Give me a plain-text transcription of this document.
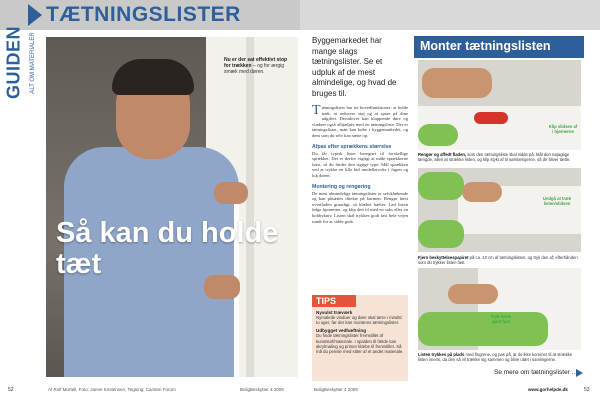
TÆTNINGSLISTER
GUIDEN ALT OM MATERIALER	Nu er der sat effektivt stop for trækken – og for ærgig smæk med døren.
Så kan du holde tæt
Byggemarkedet har mange slags tætningslister. Se et udpluk af de mest almindelige, og hvad de bruges til.
Tætningslister har tre hovedfunktioner: at holde træk, at reducere støj og at spare på dine udgifter. Derudover kan klappende døre og vinduer også afhjælpes med en tætningsliste. Der er tætningslister, man kan købe i byggemarkedet, og dem som du selv kan sætte op.
Afpas efter sprækkens størrelse
Du får typisk lister beregnet til forskellige sprækker. Det er derfor vigtigt at måle sprækkerne først, så du finder den rigtige type. Mål sprækken ved at trykke en lille bid modellervoks i fugen og luk døren.
Montering og rengøring
De mest almindelige tætningslister er selvklæbende og kan påsættes direkte på karmen. Rengør først overfladen grundigt, så klæbet hæfter. Lad listen følge hjørnerne, og klip den til med en saks eller en hobbykniv. Listen skal trykkes godt fast hele vejen rundt for at sidde godt.
TIPS
Nyvulst træværk
Nymalede vinduer og døre skal tørre i mindst to uger, før der kan monteres tætningslister.
Udbygget vedhæftning
Du finde tætningslister fremstillet af kunststof/materiale. I spalden til fælde kan akrylmaling og primer klæbe til fremstillet. Så må du pensle med sitter af et andet materiale.
Monter tætningslisten
Klip slidsen af i hjørnerne
Rengør og affedt fladen, som den tætningsliste skal sidde på. Mål den nøjagtige længde, allen at strække listen, og klip stykt af til sømlængerne, så de bliver tætte.
Undgå at træk listen/slidsen
Fjern beskyttelsespapiret på ca. 10 cm af tætningslisten, og tryk den af; efterhånden som du trykker listen fast.
Tryk listen godt fast
Listen trykkes på plads med fingrene, og pas på, at du ikke kommer til at strække listen imens, da den så vil trække sig sammen og blive utæt i samlingerne.
Se mere om tætningslister ...
52	Af Rolf Mortell, Foto: Janne Kristensen, Tegning: Carsten Forum	BoligBeskytter 4 2009	BoligBeskytter 4 2009	www.gorhelpde.dk	53
